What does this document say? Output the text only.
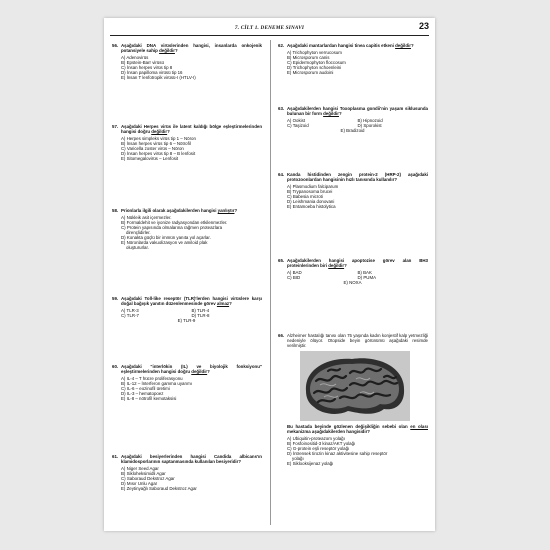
7. CİLT 1. DENEME SINAVI	23
56. Aşağıdaki DNA virüslerinden hangisi, insanlarda onkojenik potansiyele sahip değildir?
A) Adenovirüs
B) Epstein-Barr virüsü
C) İnsan herpes virüs tip 8
D) İnsan papilloma virüsü tip 16
E) İnsan T lenfotropik virüsü-I (HTLV-I)
57. Aşağıdaki Herpes virüs ile latent kaldığı bölge eşleştirmelerinden hangisi doğru değildir?
A) Herpes simpleks virüs tip 1 – Nöron
B) İnsan herpes virüs tip 6 – Nötrofil
C) Varicella zoster virüs – Nöron
D) İnsan herpes virüs tip 8 – B lenfosit
E) Sitomegalovirüs – Lenfosit
58. Prionlarla ilgili olarak aşağıdakilerden hangisi yanlıştır?
A) Nükleik asit içermezler.
B) Formaldehit ve iyonize radyasyondan etkilenmezler.
C) Protein yapısında olmalarına rağmen proteazlara
direnç​lidirler.
D) Konakta güçlü bir immün yanıta yol açarlar.
E) Nöronlarda vakuolizasyon ve amiloid plak
oluştururlar.
59. Aşağıdaki Toll-like reseptör (TLR)'lerden hangisi virüslere karşı doğal bağışık yanıtın düzenlenmesinde görev almaz?
A) TLR-3	B) TLR-4
C) TLR-7	D) TLR-8
E) TLR-9
60. Aşağıdaki "interlökin (IL) ve biyolojik fonksiyonu" eşleştirmelerinden hangisi doğru değildir?
A) IL-4 – T hücre proliferasyonu
B) IL-12 – İnterferon gamma uyarımı
C) IL-6 – eozinofil üretimi
D) IL-3 – hematopoez
E) IL-8 – nötrofil kemotaksisi
61. Aşağıdaki besiyerlerinden hangisi Candida albicans'ın klamidosporlarının saptanmasında kullanılan besiyeridir?
A) Niger Seed Agar
B) Sikloheksimidli Agar
C) Saboraud Dekstroz Agar
D) Mısır Unlu Agar
E) Zeytinyağlı Saboraud Dekstroz Agar
62. Aşağıdaki mantarlardan hangisi tinea capitis etkeni değildir?
A) Trichophyton verrucosum
B) Microsporum canis
C) Epidermophyton floccosum
D) Trichophyton schoenleini
E) Microsporum audoini
63. Aşağıdakilerden hangisi Toxoplasma gondii'nin yaşam siklusunda bulunan bir form değildir?
A) Ookist	B) Hipnozoid
C) Taşizoid	D) Sporokist
E) Bradizoid
64. Kanda histidinden zengin protein-2 (HRP-2) aşağıdaki protozoonlardan hangisinin hızlı tanısında kullanılır?
A) Plasmodium falciparum
B) Trypanosoma brucei
C) Babesia microti
D) Leishmania donovani
E) Entamoeba histolytica
65. Aşağıdakilerden hangisi apoptozise görev alan BH3 proteinlerinden biri değildir?
A) BAD	B) BAK
C) BID	D) PUMA
E) NOXA
66. Alzheimer hastalığı tanısı olan 75 yaşında kadın konjestif kalp yetmezliği nedeniyle ölüyor. Otopside beyin görünümü aşağıdaki resimde verilmiştir.
Bu hastada beyinde gözlenen değişikliğin sebebi olan en olası mekanizma aşağıdakilerden hangisidir?
A) Ubiquitin-proteazom yolağı
B) Fosfoinositid-3 kinaz/AKT yolağı
C) G-protein eşli reseptör yolağı
D) İntrensek tirozin kinaz aktivitesine sahip reseptör
yolağı
E) Siklooksijenaz yolağı
